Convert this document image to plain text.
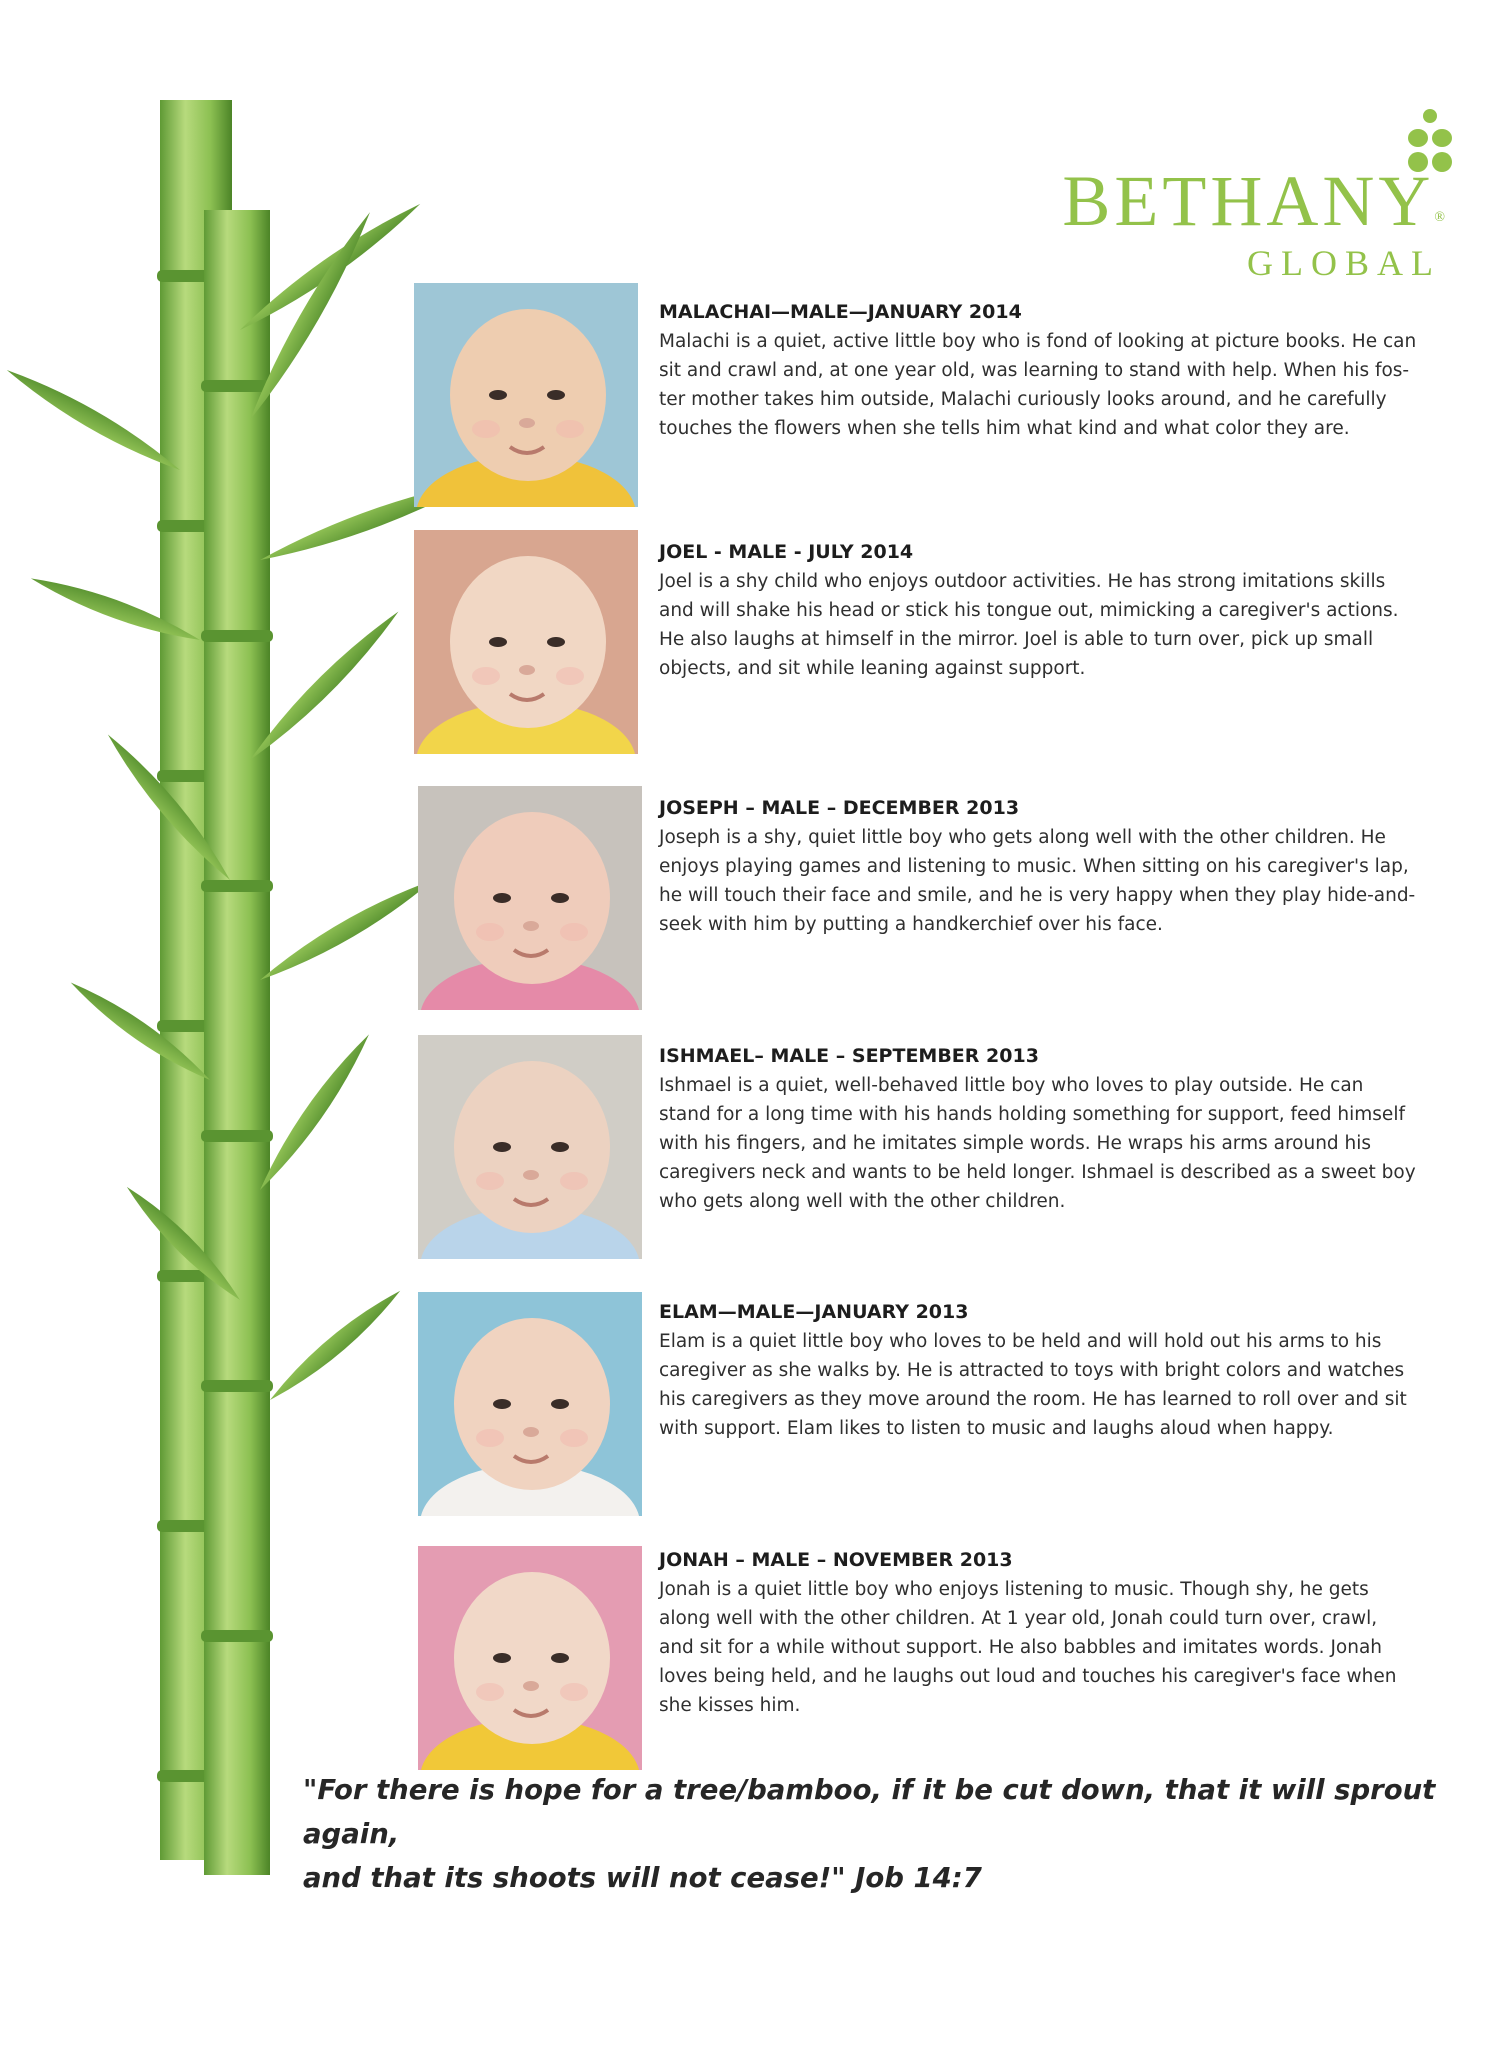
BETHANY®
GLOBAL

MALACHAI—MALE—JANUARY 2014

Malachi is a quiet, active little boy who is fond of looking at picture books. He can
sit and crawl and, at one year old, was learning to stand with help. When his fos-
ter mother takes him outside, Malachi curiously looks around, and he carefully
touches the flowers when she tells him what kind and what color they are.

JOEL - MALE - JULY 2014

Joel is a shy child who enjoys outdoor activities. He has strong imitations skills
and will shake his head or stick his tongue out, mimicking a caregiver's actions.
He also laughs at himself in the mirror. Joel is able to turn over, pick up small
objects, and sit while leaning against support.

JOSEPH – MALE – DECEMBER 2013

Joseph is a shy, quiet little boy who gets along well with the other children. He
enjoys playing games and listening to music. When sitting on his caregiver's lap,
he will touch their face and smile, and he is very happy when they play hide-and-
seek with him by putting a handkerchief over his face.

ISHMAEL– MALE – SEPTEMBER 2013

Ishmael is a quiet, well-behaved little boy who loves to play outside. He can
stand for a long time with his hands holding something for support, feed himself
with his fingers, and he imitates simple words. He wraps his arms around his
caregivers neck and wants to be held longer. Ishmael is described as a sweet boy
who gets along well with the other children.

ELAM—MALE—JANUARY 2013

Elam is a quiet little boy who loves to be held and will hold out his arms to his
caregiver as she walks by. He is attracted to toys with bright colors and watches
his caregivers as they move around the room. He has learned to roll over and sit
with support. Elam likes to listen to music and laughs aloud when happy.

JONAH – MALE – NOVEMBER 2013

Jonah is a quiet little boy who enjoys listening to music. Though shy, he gets
along well with the other children. At 1 year old, Jonah could turn over, crawl,
and sit for a while without support. He also babbles and imitates words. Jonah
loves being held, and he laughs out loud and touches his caregiver's face when
she kisses him.

"For there is hope for a tree/bamboo, if it be cut down, that it will sprout again,
and that its shoots will not cease!" Job 14:7
